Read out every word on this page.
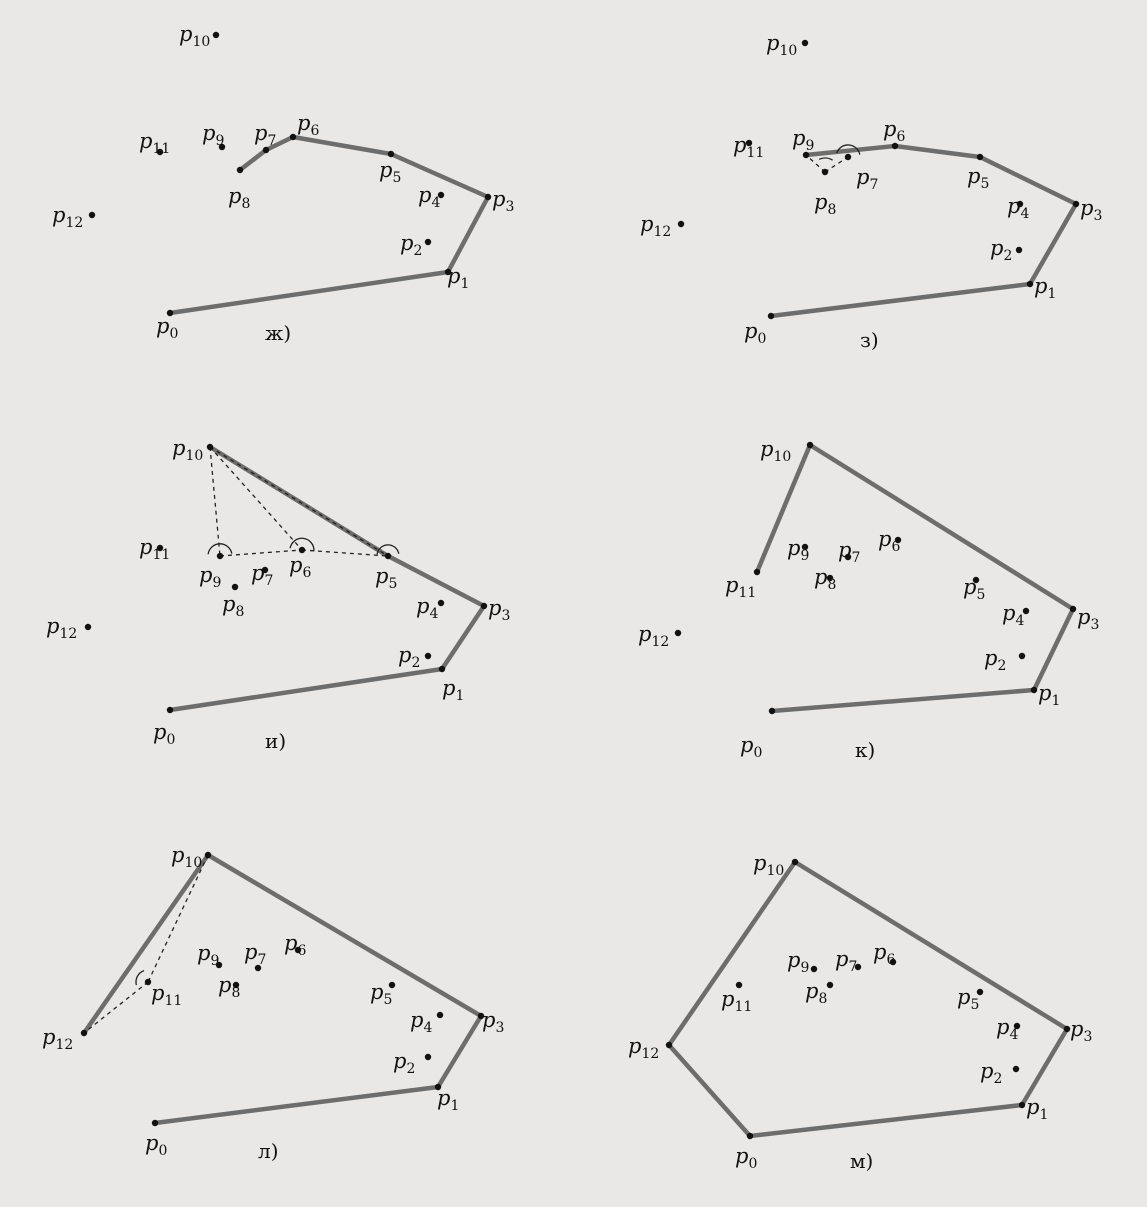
$p_0$
$p_1$
$p_2$
$p_3$
$p_4$
$p_5$
$p_6$
$p_7$
$p_8$
$p_9$
$p_{10}$
$p_{11}$
$p_{12}$
ж)	$p_0$
$p_1$
$p_2$
$p_3$
$p_4$
$p_5$
$p_6$
$p_7$
$p_8$
$p_9$
$p_{10}$
$p_{11}$
$p_{12}$
з)
$p_0$
$p_1$
$p_2$
$p_3$
$p_4$
$p_5$
$p_6$
$p_7$
$p_8$
$p_9$
$p_{10}$
$p_{11}$
$p_{12}$
и)	$p_0$
$p_1$
$p_2$
$p_3$
$p_4$
$p_5$
$p_6$
$p_7$
$p_8$
$p_9$
$p_{10}$
$p_{11}$
$p_{12}$
к)
$p_0$
$p_1$
$p_2$
$p_3$
$p_4$
$p_5$
$p_6$
$p_7$
$p_8$
$p_9$
$p_{10}$
$p_{11}$
$p_{12}$
л)	$p_0$
$p_1$
$p_2$
$p_3$
$p_4$
$p_5$
$p_6$
$p_7$
$p_8$
$p_9$
$p_{10}$
$p_{11}$
$p_{12}$
м)
